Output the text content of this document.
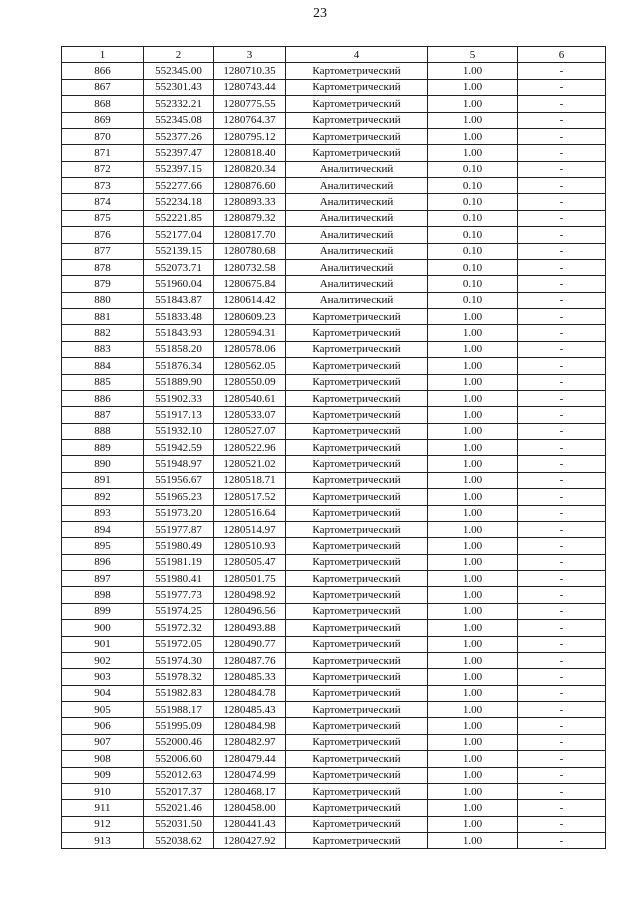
23
1	2	3	4	5	6
866	552345.00	1280710.35	Картометрический	1.00	-
867	552301.43	1280743.44	Картометрический	1.00	-
868	552332.21	1280775.55	Картометрический	1.00	-
869	552345.08	1280764.37	Картометрический	1.00	-
870	552377.26	1280795.12	Картометрический	1.00	-
871	552397.47	1280818.40	Картометрический	1.00	-
872	552397.15	1280820.34	Аналитический	0.10	-
873	552277.66	1280876.60	Аналитический	0.10	-
874	552234.18	1280893.33	Аналитический	0.10	-
875	552221.85	1280879.32	Аналитический	0.10	-
876	552177.04	1280817.70	Аналитический	0.10	-
877	552139.15	1280780.68	Аналитический	0.10	-
878	552073.71	1280732.58	Аналитический	0.10	-
879	551960.04	1280675.84	Аналитический	0.10	-
880	551843.87	1280614.42	Аналитический	0.10	-
881	551833.48	1280609.23	Картометрический	1.00	-
882	551843.93	1280594.31	Картометрический	1.00	-
883	551858.20	1280578.06	Картометрический	1.00	-
884	551876.34	1280562.05	Картометрический	1.00	-
885	551889.90	1280550.09	Картометрический	1.00	-
886	551902.33	1280540.61	Картометрический	1.00	-
887	551917.13	1280533.07	Картометрический	1.00	-
888	551932.10	1280527.07	Картометрический	1.00	-
889	551942.59	1280522.96	Картометрический	1.00	-
890	551948.97	1280521.02	Картометрический	1.00	-
891	551956.67	1280518.71	Картометрический	1.00	-
892	551965.23	1280517.52	Картометрический	1.00	-
893	551973.20	1280516.64	Картометрический	1.00	-
894	551977.87	1280514.97	Картометрический	1.00	-
895	551980.49	1280510.93	Картометрический	1.00	-
896	551981.19	1280505.47	Картометрический	1.00	-
897	551980.41	1280501.75	Картометрический	1.00	-
898	551977.73	1280498.92	Картометрический	1.00	-
899	551974.25	1280496.56	Картометрический	1.00	-
900	551972.32	1280493.88	Картометрический	1.00	-
901	551972.05	1280490.77	Картометрический	1.00	-
902	551974.30	1280487.76	Картометрический	1.00	-
903	551978.32	1280485.33	Картометрический	1.00	-
904	551982.83	1280484.78	Картометрический	1.00	-
905	551988.17	1280485.43	Картометрический	1.00	-
906	551995.09	1280484.98	Картометрический	1.00	-
907	552000.46	1280482.97	Картометрический	1.00	-
908	552006.60	1280479.44	Картометрический	1.00	-
909	552012.63	1280474.99	Картометрический	1.00	-
910	552017.37	1280468.17	Картометрический	1.00	-
911	552021.46	1280458.00	Картометрический	1.00	-
912	552031.50	1280441.43	Картометрический	1.00	-
913	552038.62	1280427.92	Картометрический	1.00	-
